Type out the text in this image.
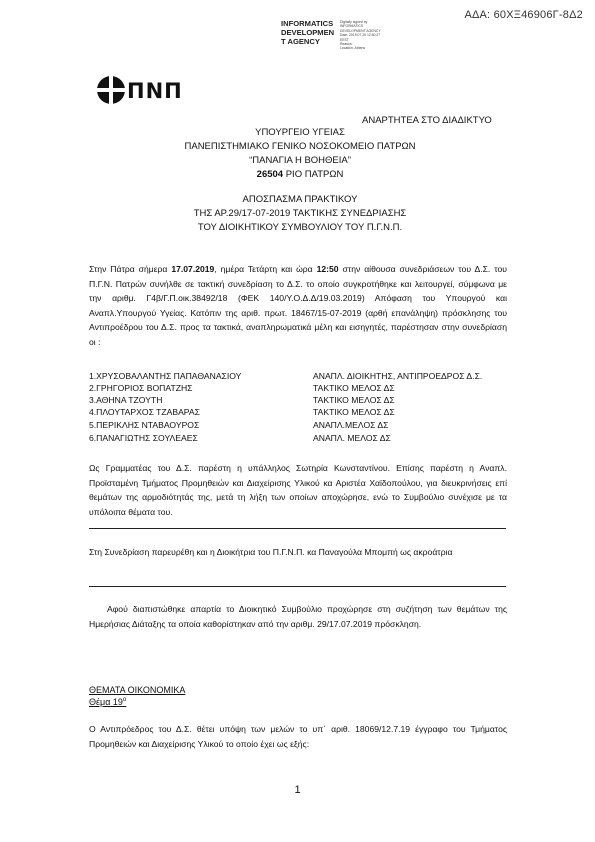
ΑΔΑ: 60ΧΞ46906Γ-8Δ2
INFORMATICS
DEVELOPMEN
T AGENCY
Digitally signed by
INFORMATICS
DEVELOPMENT AGENCY
Date: 2019.07.26 12:50:27
EEST
Reason:
Location: Athens
ΠΝΠ
ΑΝΑΡΤΗΤΕΑ ΣΤΟ ΔΙΑΔΙΚΤΥΟ
ΥΠΟΥΡΓΕΙΟ ΥΓΕΙΑΣ
ΠΑΝΕΠΙΣΤΗΜΙΑΚΟ ΓΕΝΙΚΟ ΝΟΣΟΚΟΜΕΙΟ ΠΑΤΡΩΝ
“ΠΑΝΑΓΙΑ Η ΒΟΗΘΕΙΑ”
26504 ΡΙΟ ΠΑΤΡΩΝ
ΑΠΟΣΠΑΣΜΑ ΠΡΑΚΤΙΚΟΥ
ΤΗΣ ΑΡ.29/17-07-2019 ΤΑΚΤΙΚΗΣ ΣΥΝΕΔΡΙΑΣΗΣ
ΤΟΥ ΔΙΟΙΚΗΤΙΚΟΥ ΣΥΜΒΟΥΛΙΟΥ ΤΟΥ Π.Γ.Ν.Π.
Στην Πάτρα σήμερα 17.07.2019, ημέρα Τετάρτη και ώρα 12:50 στην αίθουσα συνεδριάσεων του Δ.Σ. του Π.Γ.Ν. Πατρών συνήλθε σε τακτική συνεδρίαση το Δ.Σ. το οποίο συγκροτήθηκε και λειτουργεί, σύμφωνα με την αριθμ. Γ4β/Γ.Π.οικ.38492/18 (ΦΕΚ 140/Υ.Ο.Δ.Δ/19.03.2019) Απόφαση του Υπουργού και Αναπλ.Υπουργού Υγείας. Κατόπιν της αριθ. πρωτ. 18467/15-07-2019 (αρθή επανάληψη) πρόσκλησης του Αντιπροέδρου του Δ.Σ. προς τα τακτικά, αναπληρωματικά μέλη και εισηγητές, παρέστησαν στην συνεδρίαση οι :
1.ΧΡΥΣΟΒΑΛΑΝΤΗΣ ΠΑΠΑΘΑΝΑΣΙΟΥ	ΑΝΑΠΛ. ΔΙΟΙΚΗΤΗΣ, ΑΝΤΙΠΡΟΕΔΡΟΣ Δ.Σ.
2.ΓΡΗΓΟΡΙΟΣ ΒΟΠΑΤΖΗΣ	ΤΑΚΤΙΚΟ ΜΕΛΟΣ ΔΣ
3.ΑΘΗΝΑ ΤΖΟΥΤΗ	ΤΑΚΤΙΚΟ ΜΕΛΟΣ ΔΣ
4.ΠΛΟΥΤΑΡΧΟΣ ΤΖΑΒΑΡΑΣ	ΤΑΚΤΙΚΟ ΜΕΛΟΣ ΔΣ
5.ΠΕΡΙΚΛΗΣ ΝΤΑΒΑΟΥΡΟΣ	ΑΝΑΠΛ.ΜΕΛΟΣ ΔΣ
6.ΠΑΝΑΓΙΩΤΗΣ ΣΟΥΛΕΑΕΣ	ΑΝΑΠΛ. ΜΕΛΟΣ ΔΣ
Ως Γραμματέας του Δ.Σ. παρέστη η υπάλληλος Σωτηρία Κωνσταντίνου. Επίσης παρέστη η Αναπλ. Προϊσταμένη Τμήματος Προμηθειών και Διαχείρισης Υλικού κα Αριστέα Χαϊδοπούλου, για διευκρινήσεις επί θεμάτων της αρμοδιότητάς της, μετά τη λήξη των οποίων αποχώρησε, ενώ το Συμβούλιο συνέχισε με τα υπόλοιπα θέματα του.
Στη Συνεδρίαση παρευρέθη και η Διοικήτρια του Π.Γ.Ν.Π. κα Παναγούλα Μπομπή ως ακροάτρια
Αφού διαπιστώθηκε απαρτία το Διοικητικό Συμβούλιο προχώρησε στη συζήτηση των θεμάτων της Ημερήσιας Διάταξης τα οποία καθορίστηκαν από την αριθμ. 29/17.07.2019 πρόσκληση.
ΘΕΜΑΤΑ ΟΙΚΟΝΟΜΙΚΑ
Θέμα $19^o$
Ο Αντιπρόεδρος του Δ.Σ. θέτει υπόψη των μελών το υπ΄ αριθ. 18069/12.7.19 έγγραφο του Τμήματος Προμηθειών και Διαχείρισης Υλικού το οποίο έχει ως εξής:
1
